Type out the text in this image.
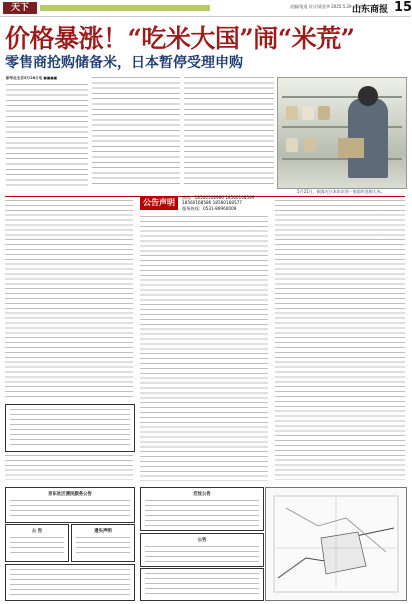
天下	责编/笔道 设计/梁金华 2025.5.29 星期四
山东商报 15
价格暴涨！“吃米大国”闹“米荒”
零售商抢购储备米，日本暂停受理申购
新华社北京5月28日电 ■■■■
5月21日，顾客在日本东京的一家超市选购大米。
公告声明
热线：18560168986 18560168599
18560168586 18560168577
服务热线：0531-86960009
京东社区便民服务公告
公 告	遗失声明
迁坟公告
公告
